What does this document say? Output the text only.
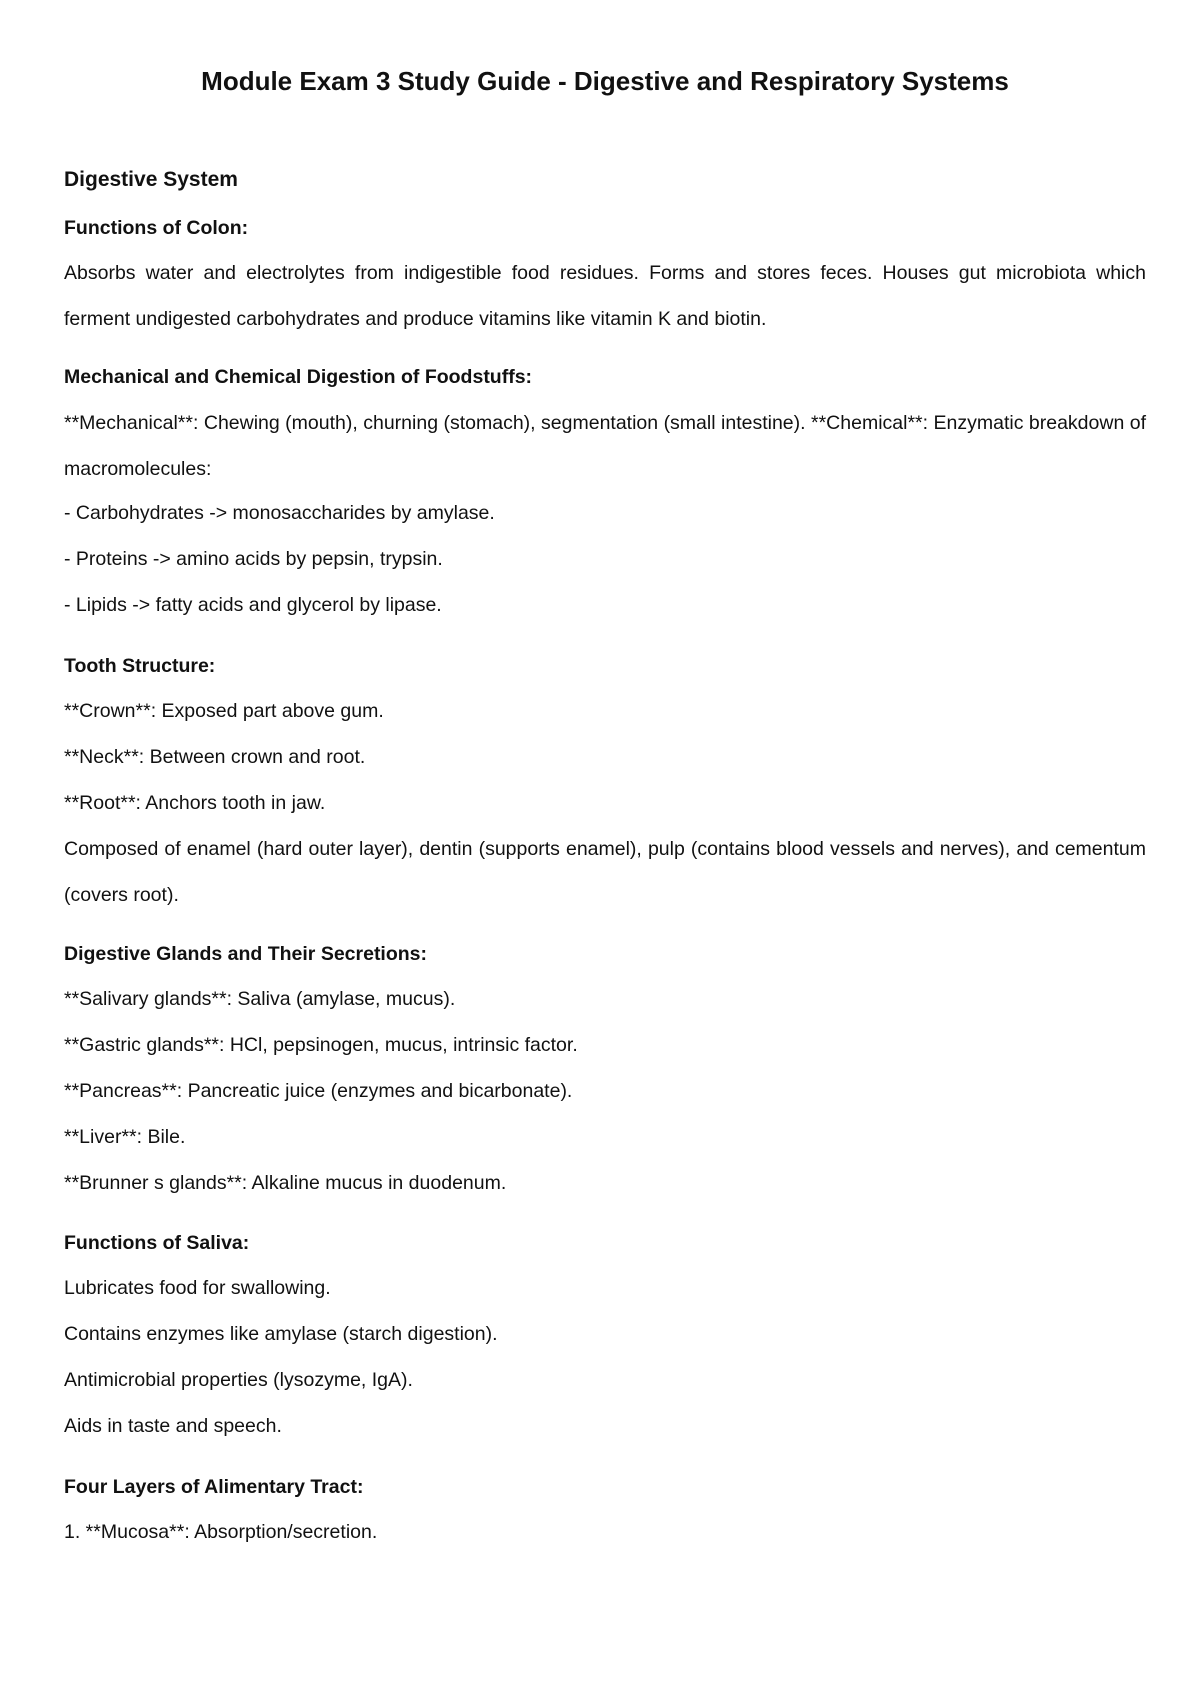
Module Exam 3 Study Guide - Digestive and Respiratory Systems
Digestive System
Functions of Colon:

Absorbs water and electrolytes from indigestible food residues. Forms and stores feces. Houses gut microbiota which ferment undigested carbohydrates and produce vitamins like vitamin K and biotin.

Mechanical and Chemical Digestion of Foodstuffs:

**Mechanical**: Chewing (mouth), churning (stomach), segmentation (small intestine). **Chemical**: Enzymatic breakdown of macromolecules:

- Carbohydrates -> monosaccharides by amylase.

- Proteins -> amino acids by pepsin, trypsin.

- Lipids -> fatty acids and glycerol by lipase.

Tooth Structure:

**Crown**: Exposed part above gum.

**Neck**: Between crown and root.

**Root**: Anchors tooth in jaw.

Composed of enamel (hard outer layer), dentin (supports enamel), pulp (contains blood vessels and nerves), and cementum (covers root).

Digestive Glands and Their Secretions:

**Salivary glands**: Saliva (amylase, mucus).

**Gastric glands**: HCl, pepsinogen, mucus, intrinsic factor.

**Pancreas**: Pancreatic juice (enzymes and bicarbonate).

**Liver**: Bile.

**Brunner s glands**: Alkaline mucus in duodenum.

Functions of Saliva:

Lubricates food for swallowing.

Contains enzymes like amylase (starch digestion).

Antimicrobial properties (lysozyme, IgA).

Aids in taste and speech.

Four Layers of Alimentary Tract:

1. **Mucosa**: Absorption/secretion.
